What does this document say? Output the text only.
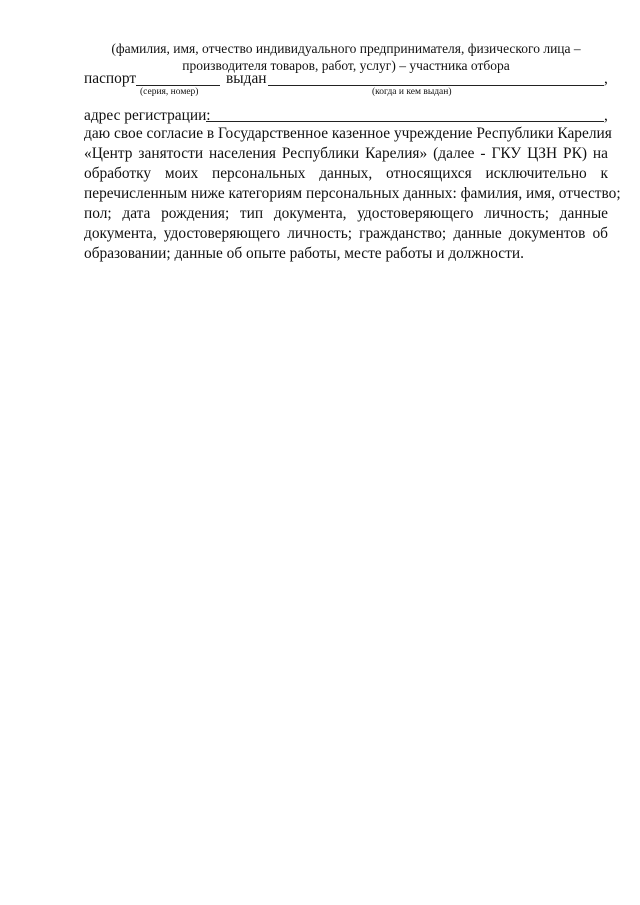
(фамилия, имя, отчество индивидуального предпринимателя, физического лица –
производителя товаров, работ, услуг) – участника отбора
паспорт	выдан	,
(серия, номер)	(когда и кем выдан)
адрес регистрации:	,
даю свое согласие в Государственное казенное учреждение Республики Карелия
«Центр занятости населения Республики Карелия» (далее - ГКУ ЦЗН РК) на
обработку моих персональных данных, относящихся исключительно к
перечисленным ниже категориям персональных данных: фамилия, имя, отчество;
пол; дата рождения; тип документа, удостоверяющего личность; данные
документа, удостоверяющего личность; гражданство; данные документов об
образовании; данные об опыте работы, месте работы и должности.
